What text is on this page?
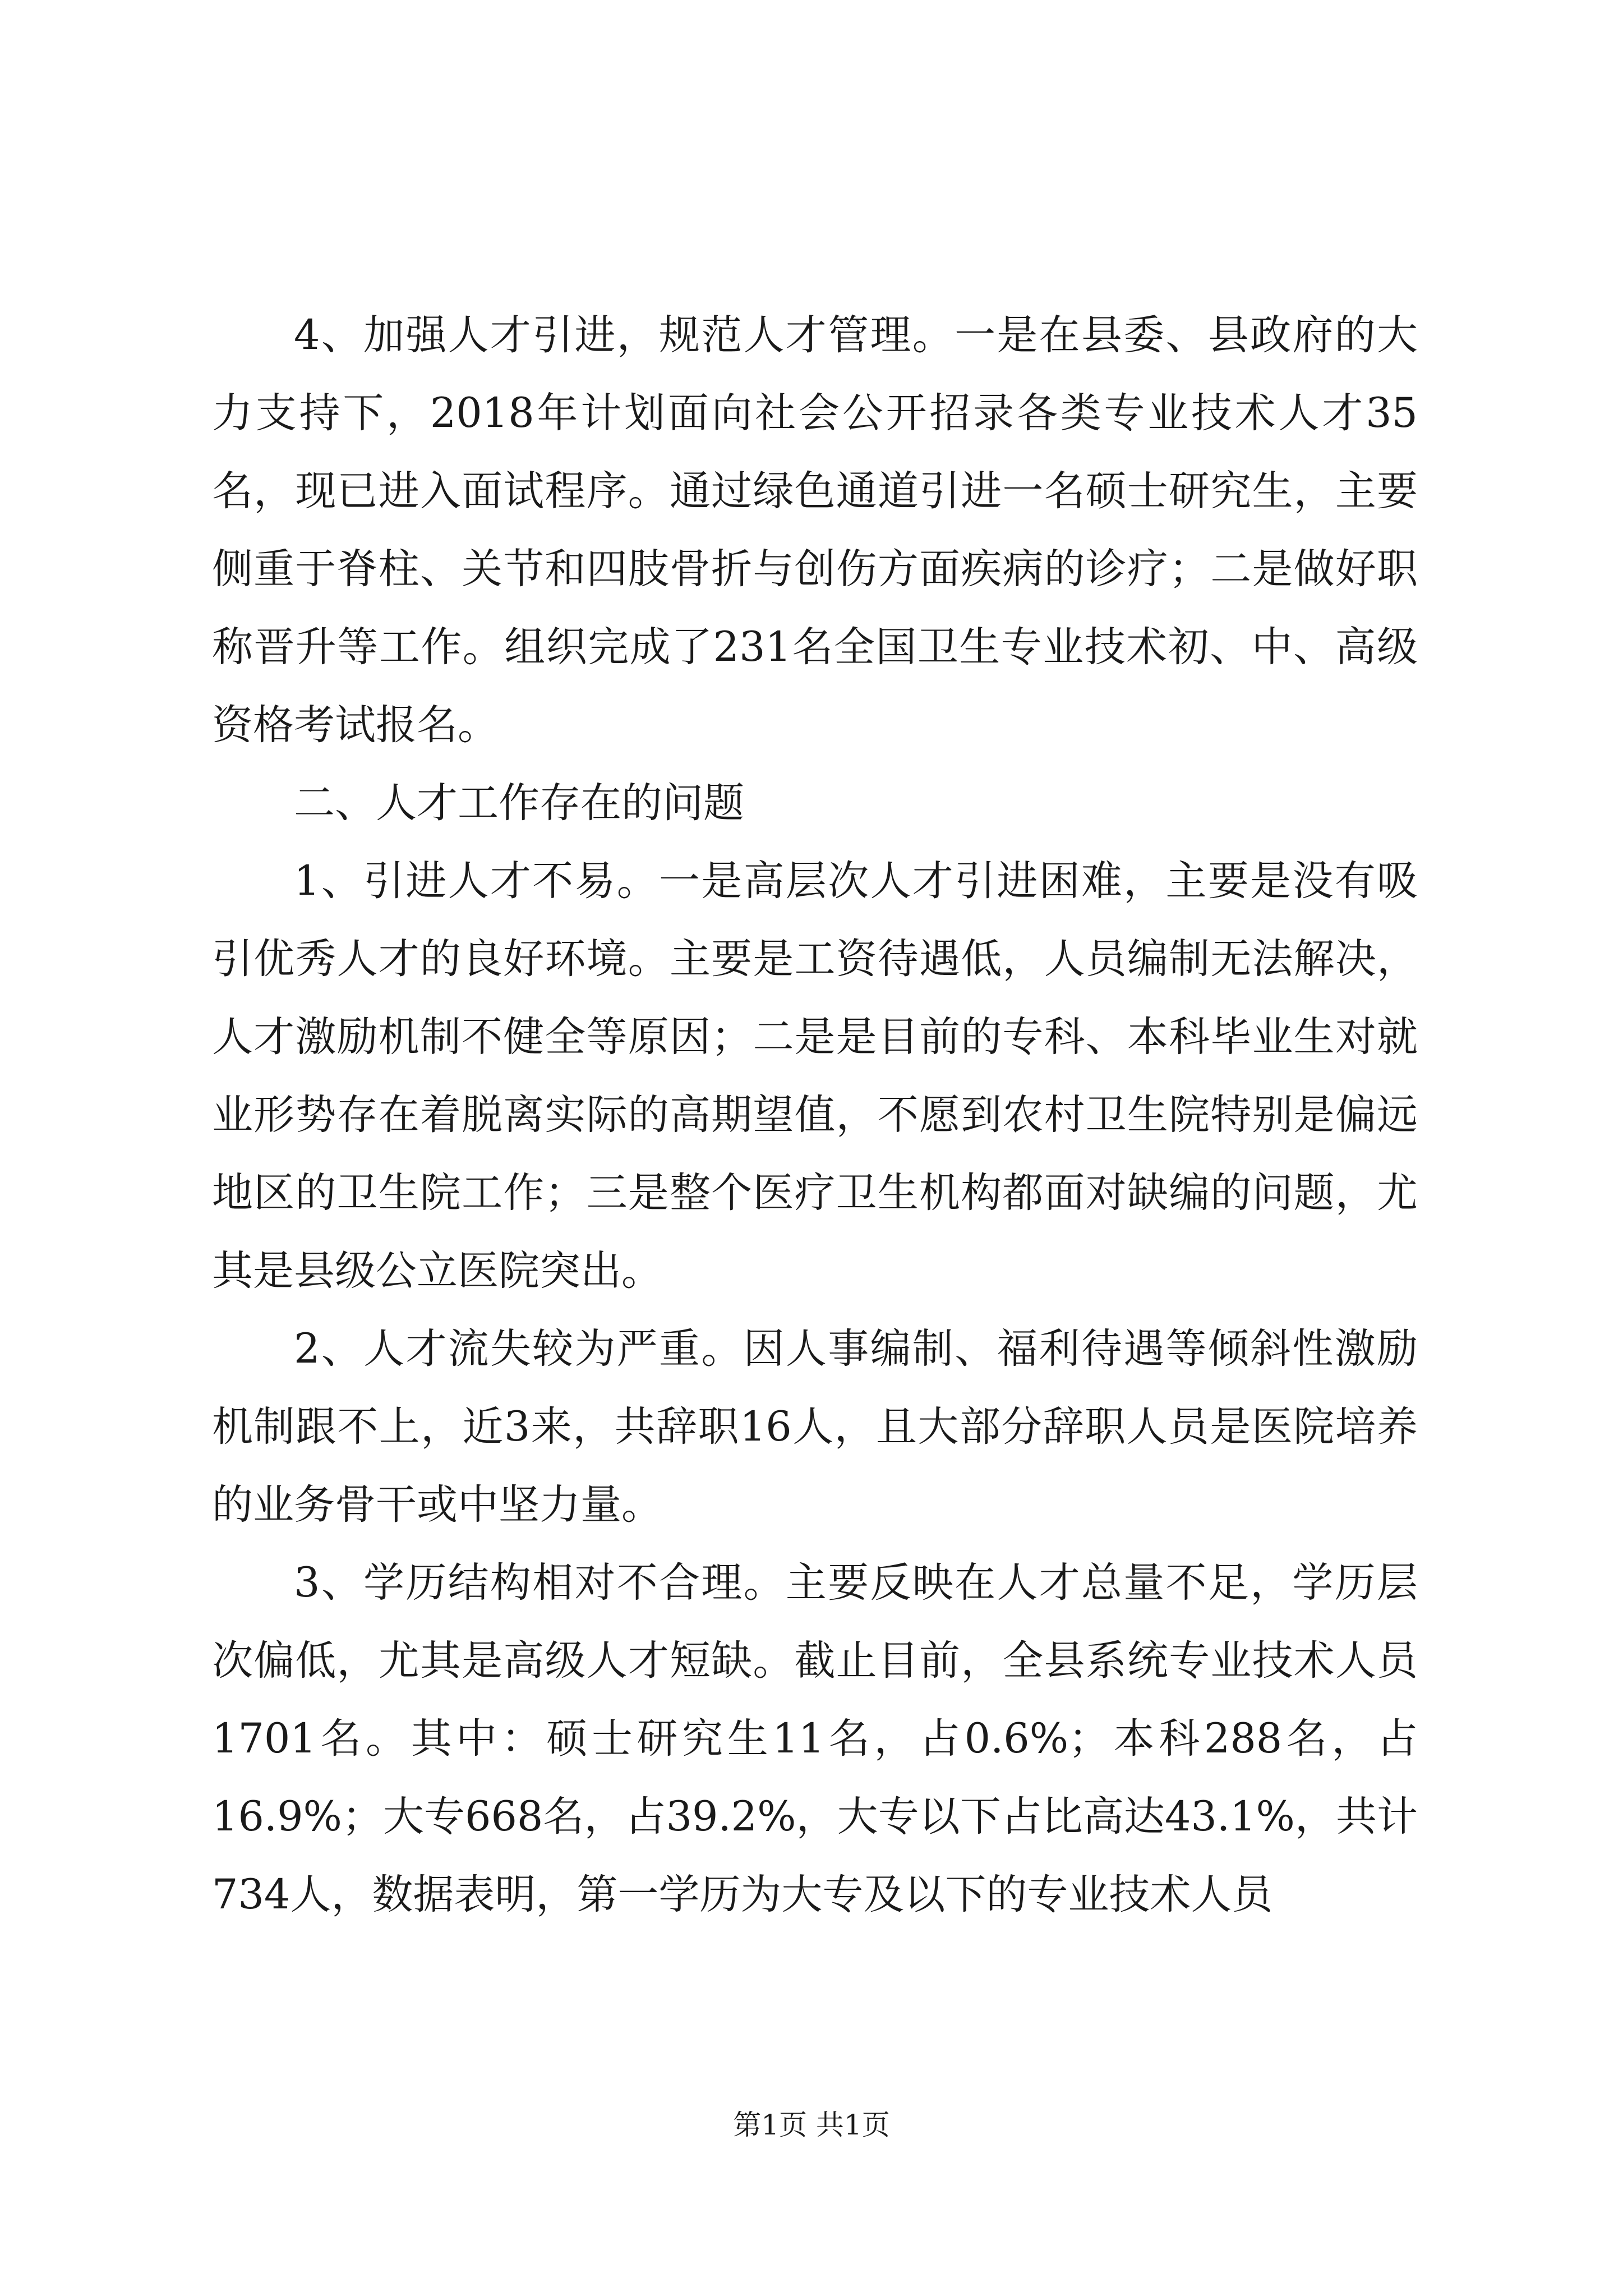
4、加强人才引进，规范人才管理。一是在县委、县政府的大力支持下，2018年计划面向社会公开招录各类专业技术人才35名，现已进入面试程序。通过绿色通道引进一名硕士研究生，主要侧重于脊柱、关节和四肢骨折与创伤方面疾病的诊疗；二是做好职称晋升等工作。组织完成了231名全国卫生专业技术初、中、高级资格考试报名。

二、人才工作存在的问题

1、引进人才不易。一是高层次人才引进困难，主要是没有吸引优秀人才的良好环境。主要是工资待遇低，人员编制无法解决，人才激励机制不健全等原因；二是是目前的专科、本科毕业生对就业形势存在着脱离实际的高期望值，不愿到农村卫生院特别是偏远地区的卫生院工作；三是整个医疗卫生机构都面对缺编的问题，尤其是县级公立医院突出。

2、人才流失较为严重。因人事编制、福利待遇等倾斜性激励机制跟不上，近3来，共辞职16人，且大部分辞职人员是医院培养的业务骨干或中坚力量。

3、学历结构相对不合理。主要反映在人才总量不足，学历层次偏低，尤其是高级人才短缺。截止目前，全县系统专业技术人员1701名。其中：硕士研究生11名，占0.6%；本科288名，占16.9%；大专668名，占39.2%，大专以下占比高达43.1%，共计734人，数据表明，第一学历为大专及以下的专业技术人员

第1页 共1页
